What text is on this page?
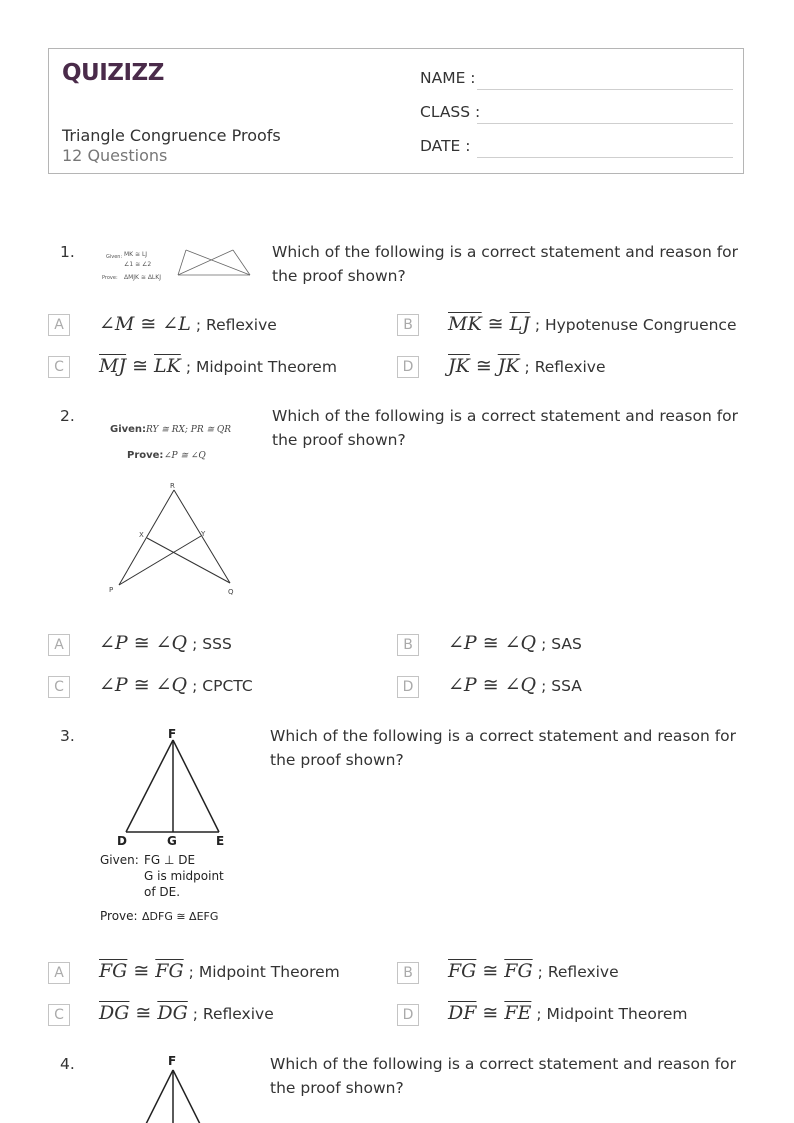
QUIZIZZ
Triangle Congruence Proofs
12 Questions
NAME :
CLASS :
DATE :
1.	Given: MK ≅ LJ
∠1 ≅ ∠2
Prove: ΔMJK ≅ ΔLKJ
Which of the following is a correct statement and reason for the proof shown?
A	∠M ≅ ∠L ; Reflexive	B	$\overline{MK}$ ≅ $\overline{LJ}$ ; Hypotenuse Congruence
C	$\overline{MJ}$ ≅ $\overline{LK}$ ; Midpoint Theorem	D $\overline{JK}$ ≅ $\overline{JK}$ ; Reflexive
2.
Given: RY ≅ RX; PR ≅ QR
Prove: ∠P ≅ ∠Q
R
X	Y
P	Q
Which of the following is a correct statement and reason for the proof shown?
A	∠P ≅ ∠Q ; SSS	B	∠P ≅ ∠Q ; SAS
C	∠P ≅ ∠Q ; CPCTC	D ∠P ≅ ∠Q ; SSA
3.	F
D	G	E
Given: FG ⊥ DE
G is midpoint
of DE.
Prove: ΔDFG ≅ ΔEFG
Which of the following is a correct statement and reason for the proof shown?
A	$\overline{FG}$ ≅ $\overline{FG}$ ; Midpoint Theorem	B	$\overline{FG}$ ≅ $\overline{FG}$ ; Reflexive
C	$\overline{DG}$ ≅ $\overline{DG}$ ; Reflexive	D $\overline{DF}$ ≅ $\overline{FE}$ ; Midpoint Theorem
4.	F	Which of the following is a correct statement and reason for the proof shown?
